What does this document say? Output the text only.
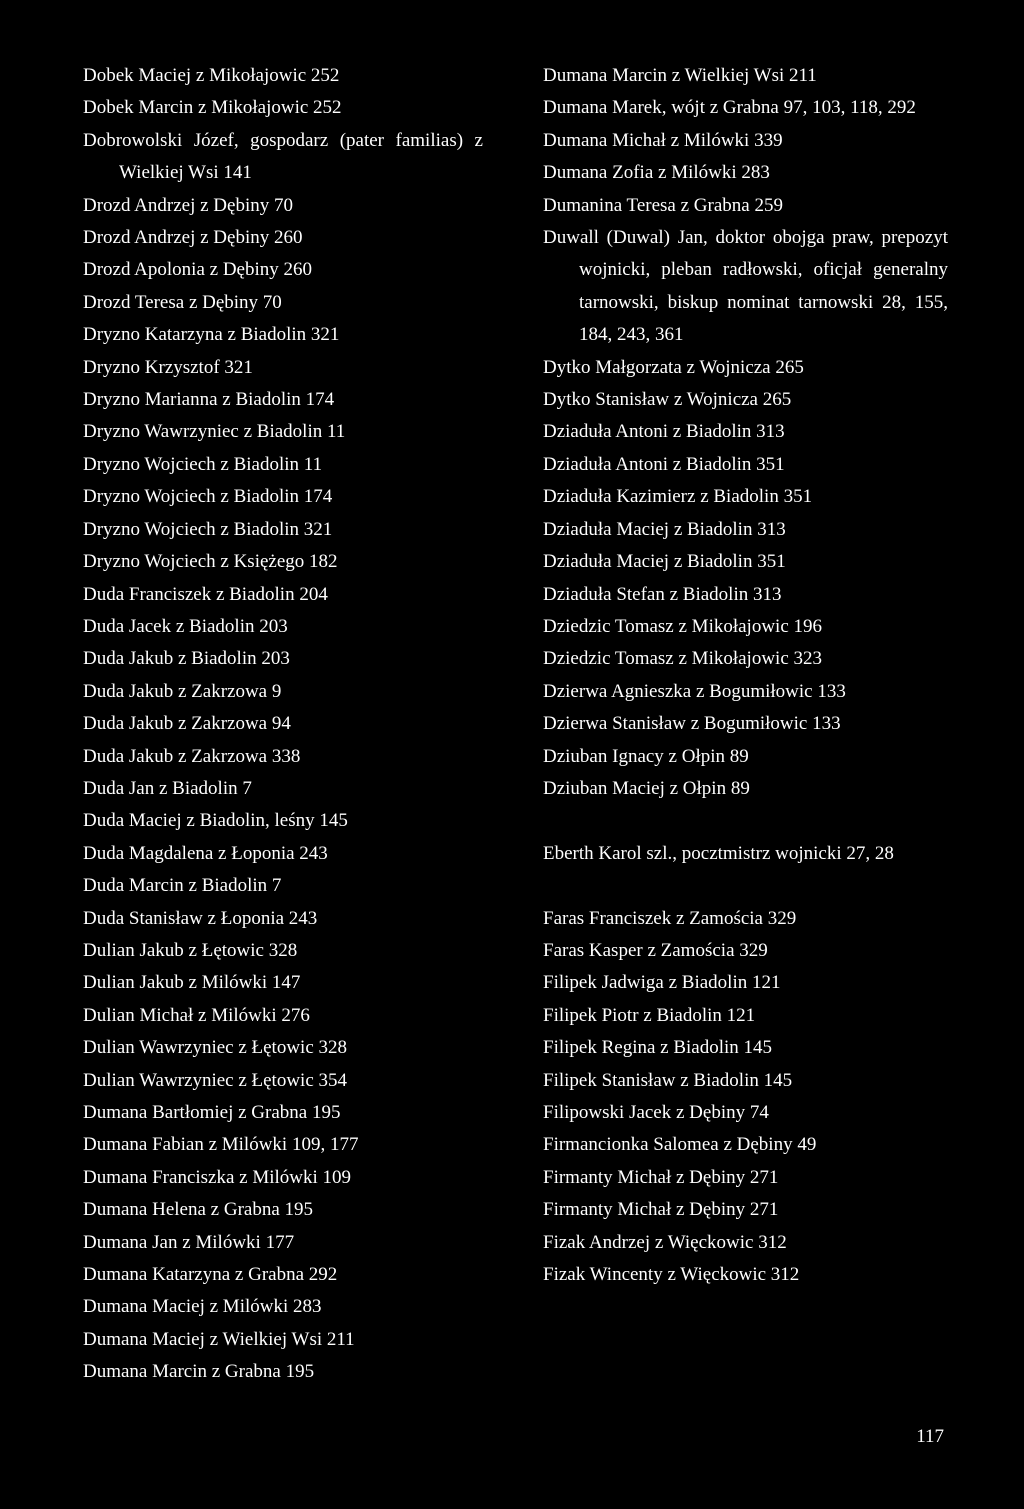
Dobek Maciej z Mikołajowic 252

Dobek Marcin z Mikołajowic 252

Dobrowolski Józef, gospodarz (pater familias) z Wielkiej Wsi 141

Drozd Andrzej z Dębiny 70

Drozd Andrzej z Dębiny 260

Drozd Apolonia z Dębiny 260

Drozd Teresa z Dębiny 70

Dryzno Katarzyna z Biadolin 321

Dryzno Krzysztof 321

Dryzno Marianna z Biadolin 174

Dryzno Wawrzyniec z Biadolin 11

Dryzno Wojciech z Biadolin 11

Dryzno Wojciech z Biadolin 174

Dryzno Wojciech z Biadolin 321

Dryzno Wojciech z Księżego 182

Duda Franciszek z Biadolin 204

Duda Jacek z Biadolin 203

Duda Jakub z Biadolin 203

Duda Jakub z Zakrzowa 9

Duda Jakub z Zakrzowa 94

Duda Jakub z Zakrzowa 338

Duda Jan z Biadolin 7

Duda Maciej z Biadolin, leśny 145

Duda Magdalena z Łoponia 243

Duda Marcin z Biadolin 7

Duda Stanisław z Łoponia 243

Dulian Jakub z Łętowic 328

Dulian Jakub z Milówki 147

Dulian Michał z Milówki 276

Dulian Wawrzyniec z Łętowic 328

Dulian Wawrzyniec z Łętowic 354

Dumana Bartłomiej z Grabna 195

Dumana Fabian z Milówki 109, 177

Dumana Franciszka z Milówki 109

Dumana Helena z Grabna 195

Dumana Jan z Milówki 177

Dumana Katarzyna z Grabna 292

Dumana Maciej z Milówki 283

Dumana Maciej z Wielkiej Wsi 211

Dumana Marcin z Grabna 195

Dumana Marcin z Wielkiej Wsi 211

Dumana Marek, wójt z Grabna 97, 103, 118, 292

Dumana Michał z Milówki 339

Dumana Zofia z Milówki 283

Dumanina Teresa z Grabna 259

Duwall (Duwal) Jan, doktor obojga praw, prepozyt wojnicki, pleban radłowski, oficjał generalny tarnowski, biskup nominat tarnowski 28, 155, 184, 243, 361

Dytko Małgorzata z Wojnicza 265

Dytko Stanisław z Wojnicza 265

Dziaduła Antoni z Biadolin 313

Dziaduła Antoni z Biadolin 351

Dziaduła Kazimierz z Biadolin 351

Dziaduła Maciej z Biadolin 313

Dziaduła Maciej z Biadolin 351

Dziaduła Stefan z Biadolin 313

Dziedzic Tomasz z Mikołajowic 196

Dziedzic Tomasz z Mikołajowic 323

Dzierwa Agnieszka z Bogumiłowic 133

Dzierwa Stanisław z Bogumiłowic 133

Dziuban Ignacy z Ołpin 89

Dziuban Maciej z Ołpin 89

Eberth Karol szl., pocztmistrz wojnicki 27, 28

Faras Franciszek z Zamościa 329

Faras Kasper z Zamościa 329

Filipek Jadwiga z Biadolin 121

Filipek Piotr z Biadolin 121

Filipek Regina z Biadolin 145

Filipek Stanisław z Biadolin 145

Filipowski Jacek z Dębiny 74

Firmancionka Salomea z Dębiny 49

Firmanty Michał z Dębiny 271

Firmanty Michał z Dębiny 271

Fizak Andrzej z Więckowic 312

Fizak Wincenty z Więckowic 312

117
